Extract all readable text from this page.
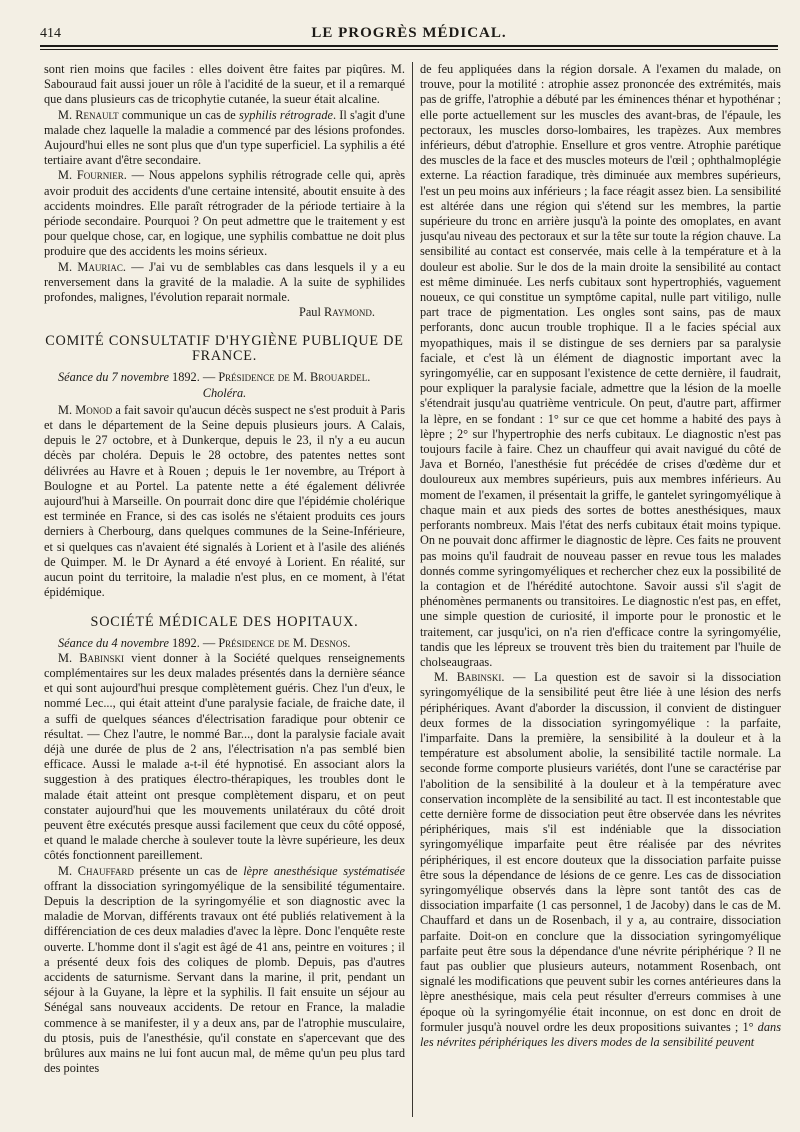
414	LE PROGRÈS MÉDICAL.

sont rien moins que faciles : elles doivent être faites par piqûres. M. Sabouraud fait aussi jouer un rôle à l'acidité de la sueur, et il a remarqué que dans plusieurs cas de tricophytie cutanée, la sueur était alcaline.

M. Renault communique un cas de syphilis rétrograde. Il s'agit d'une malade chez laquelle la maladie a commencé par des lésions profondes. Aujourd'hui elles ne sont plus que d'un type superficiel. La syphilis a été tertiaire avant d'être secondaire.

M. Fournier. — Nous appelons syphilis rétrograde celle qui, après avoir produit des accidents d'une certaine intensité, aboutit ensuite à des accidents moindres. Elle paraît rétrograder de la période tertiaire à la période secondaire. Pourquoi ? On peut admettre que le traitement y est pour quelque chose, car, en logique, une syphilis combattue ne doit plus produire que des accidents les moins sérieux.

M. Mauriac. — J'ai vu de semblables cas dans lesquels il y a eu renversement dans la gravité de la maladie. A la suite de syphilides profondes, malignes, l'évolution reparait normale.

Paul Raymond.

COMITÉ CONSULTATIF D'HYGIÈNE PUBLIQUE DE FRANCE.

Séance du 7 novembre 1892. — Présidence de M. Brouardel.

Choléra.

M. Monod a fait savoir qu'aucun décès suspect ne s'est produit à Paris et dans le département de la Seine depuis plusieurs jours. A Calais, depuis le 27 octobre, et à Dunkerque, depuis le 23, il n'y a eu aucun décès par choléra. Depuis le 28 octobre, des patentes nettes sont délivrées au Havre et à Rouen ; depuis le 1er novembre, au Tréport à Boulogne et au Portel. La patente nette a été également délivrée aujourd'hui à Marseille. On pourrait donc dire que l'épidémie cholérique est terminée en France, si des cas isolés ne s'étaient produits ces jours derniers à Cherbourg, dans quelques communes de la Seine-Inférieure, et si quelques cas n'avaient été signalés à Lorient et à l'asile des aliénés de Quimper. M. le Dr Aynard a été envoyé à Lorient. En réalité, sur aucun point du territoire, la maladie n'est plus, en ce moment, à l'état épidémique.

SOCIÉTÉ MÉDICALE DES HOPITAUX.

Séance du 4 novembre 1892. — Présidence de M. Desnos.

M. Babinski vient donner à la Société quelques renseignements complémentaires sur les deux malades présentés dans la dernière séance et qui sont aujourd'hui presque complètement guéris. Chez l'un d'eux, le nommé Lec..., qui était atteint d'une paralysie faciale, de fraiche date, il a suffi de quelques séances d'électrisation faradique pour obtenir ce résultat. — Chez l'autre, le nommé Bar..., dont la paralysie faciale avait déjà une durée de plus de 2 ans, l'électrisation n'a pas semblé bien efficace. Aussi le malade a-t-il été hypnotisé. En associant alors la suggestion à des pratiques électro-thérapiques, les troubles dont le malade était atteint ont presque complètement disparu, et on peut constater aujourd'hui que les mouvements unilatéraux du côté droit peuvent être exécutés presque aussi facilement que ceux du côté opposé, et quand le malade cherche à soulever toute la lèvre supérieure, les deux côtés fonctionnent pareillement.

M. Chauffard présente un cas de lèpre anesthésique systématisée offrant la dissociation syringomyélique de la sensibilité tégumentaire. Depuis la description de la syringomyélie et son diagnostic avec la maladie de Morvan, différents travaux ont été publiés relativement à la différenciation de ces deux maladies d'avec la lèpre. Donc l'enquête reste ouverte. L'homme dont il s'agit est âgé de 41 ans, peintre en voitures ; il a présenté deux fois des coliques de plomb. Depuis, pas d'autres accidents de saturnisme. Servant dans la marine, il prit, pendant un séjour à la Guyane, la lèpre et la syphilis. Il fait ensuite un séjour au Sénégal sans nouveaux accidents. De retour en France, la maladie commence à se manifester, il y a deux ans, par de l'atrophie musculaire, du ptosis, puis de l'anesthésie, qu'il constate en s'apercevant que des brûlures aux mains ne lui font aucun mal, de même qu'un peu plus tard des pointes

de feu appliquées dans la région dorsale. A l'examen du malade, on trouve, pour la motilité : atrophie assez prononcée des extrémités, mais pas de griffe, l'atrophie a débuté par les éminences thénar et hypothénar ; elle porte actuellement sur les muscles des avant-bras, de l'épaule, les pectoraux, les muscles dorso-lombaires, les trapèzes. Aux membres inférieurs, début d'atrophie. Ensellure et gros ventre. Atrophie parétique des muscles de la face et des muscles moteurs de l'œil ; ophthalmoplégie externe. La réaction faradique, très diminuée aux membres supérieurs, l'est un peu moins aux inférieurs ; la face réagit assez bien. La sensibilité est altérée dans une région qui s'étend sur les membres, la partie supérieure du tronc en arrière jusqu'à la pointe des omoplates, en avant jusqu'au niveau des pectoraux et sur la tête sur toute la région chauve. La sensibilité au contact est conservée, mais celle à la température et à la douleur est abolie. Sur le dos de la main droite la sensibilité au contact est même diminuée. Les nerfs cubitaux sont hypertrophiés, vaguement noueux, ce qui constitue un symptôme capital, nulle part vitiligo, nulle part trace de pigmentation. Les ongles sont sains, pas de maux perforants, donc aucun trouble trophique. Il a le facies spécial aux myopathiques, mais il se distingue de ses derniers par sa paralysie faciale, et c'est là un élément de diagnostic important avec la syringomyélie, car en supposant l'existence de cette dernière, il faudrait, pour expliquer la paralysie faciale, admettre que la lésion de la moelle s'étendrait jusqu'au quatrième ventricule. On peut, d'autre part, affirmer la lèpre, en se fondant : 1° sur ce que cet homme a habité des pays à lèpre ; 2° sur l'hypertrophie des nerfs cubitaux. Le diagnostic n'est pas toujours facile à faire. Chez un chauffeur qui avait navigué du côté de Java et Bornéo, l'anesthésie fut précédée de crises d'œdème dur et douloureux aux membres supérieurs, puis aux membres inférieurs. Au moment de l'examen, il présentait la griffe, le gantelet syringomyélique à chaque main et aux pieds des sortes de bottes anesthésiques, maux perforants nombreux. Mais l'état des nerfs cubitaux était moins typique. On ne pouvait donc affirmer le diagnostic de lèpre. Ces faits ne prouvent pas moins qu'il faudrait de nouveau passer en revue tous les malades donnés comme syringomyéliques et rechercher chez eux la possibilité de la contagion et de l'hérédité autochtone. Savoir aussi s'il s'agit de phénomènes permanents ou transitoires. Le diagnostic n'est pas, en effet, une simple question de curiosité, il importe pour le pronostic et le traitement, car jusqu'ici, on n'a rien d'efficace contre la syringomyélie, tandis que les lépreux se trouvent très bien du traitement par l'huile de cholseaugraas.

M. Babinski. — La question est de savoir si la dissociation syringomyélique de la sensibilité peut être liée à une lésion des nerfs périphériques. Avant d'aborder la discussion, il convient de distinguer deux formes de la dissociation syringomyélique : la parfaite, l'imparfaite. Dans la première, la sensibilité à la douleur et à la température est absolument abolie, la sensibilité tactile normale. La seconde forme comporte plusieurs variétés, dont l'une se caractérise par l'abolition de la sensibilité à la douleur et à la température avec conservation incomplète de la sensibilité au tact. Il est incontestable que cette dernière forme de dissociation peut être observée dans les névrites périphériques, mais s'il est indéniable que la dissociation syringomyélique imparfaite peut être réalisée par des névrites périphériques, il est encore douteux que la dissociation parfaite puisse être sous la dépendance de lésions de ce genre. Les cas de dissociation syringomyélique observés dans la lèpre sont tantôt des cas de dissociation imparfaite (1 cas personnel, 1 de Jacoby) dans le cas de M. Chauffard et dans un de Rosenbach, il y a, au contraire, dissociation parfaite. Doit-on en conclure que la dissociation syringomyélique parfaite peut être sous la dépendance d'une névrite périphérique ? Il ne faut pas oublier que plusieurs auteurs, notamment Rosenbach, ont signalé les modifications que peuvent subir les cornes antérieures dans la lèpre anesthésique, mais cela peut résulter d'erreurs commises à une époque où la syringomyélie était inconnue, on est donc en droit de formuler jusqu'à nouvel ordre les deux propositions suivantes ; 1° dans les névrites périphériques les divers modes de la sensibilité peuvent
